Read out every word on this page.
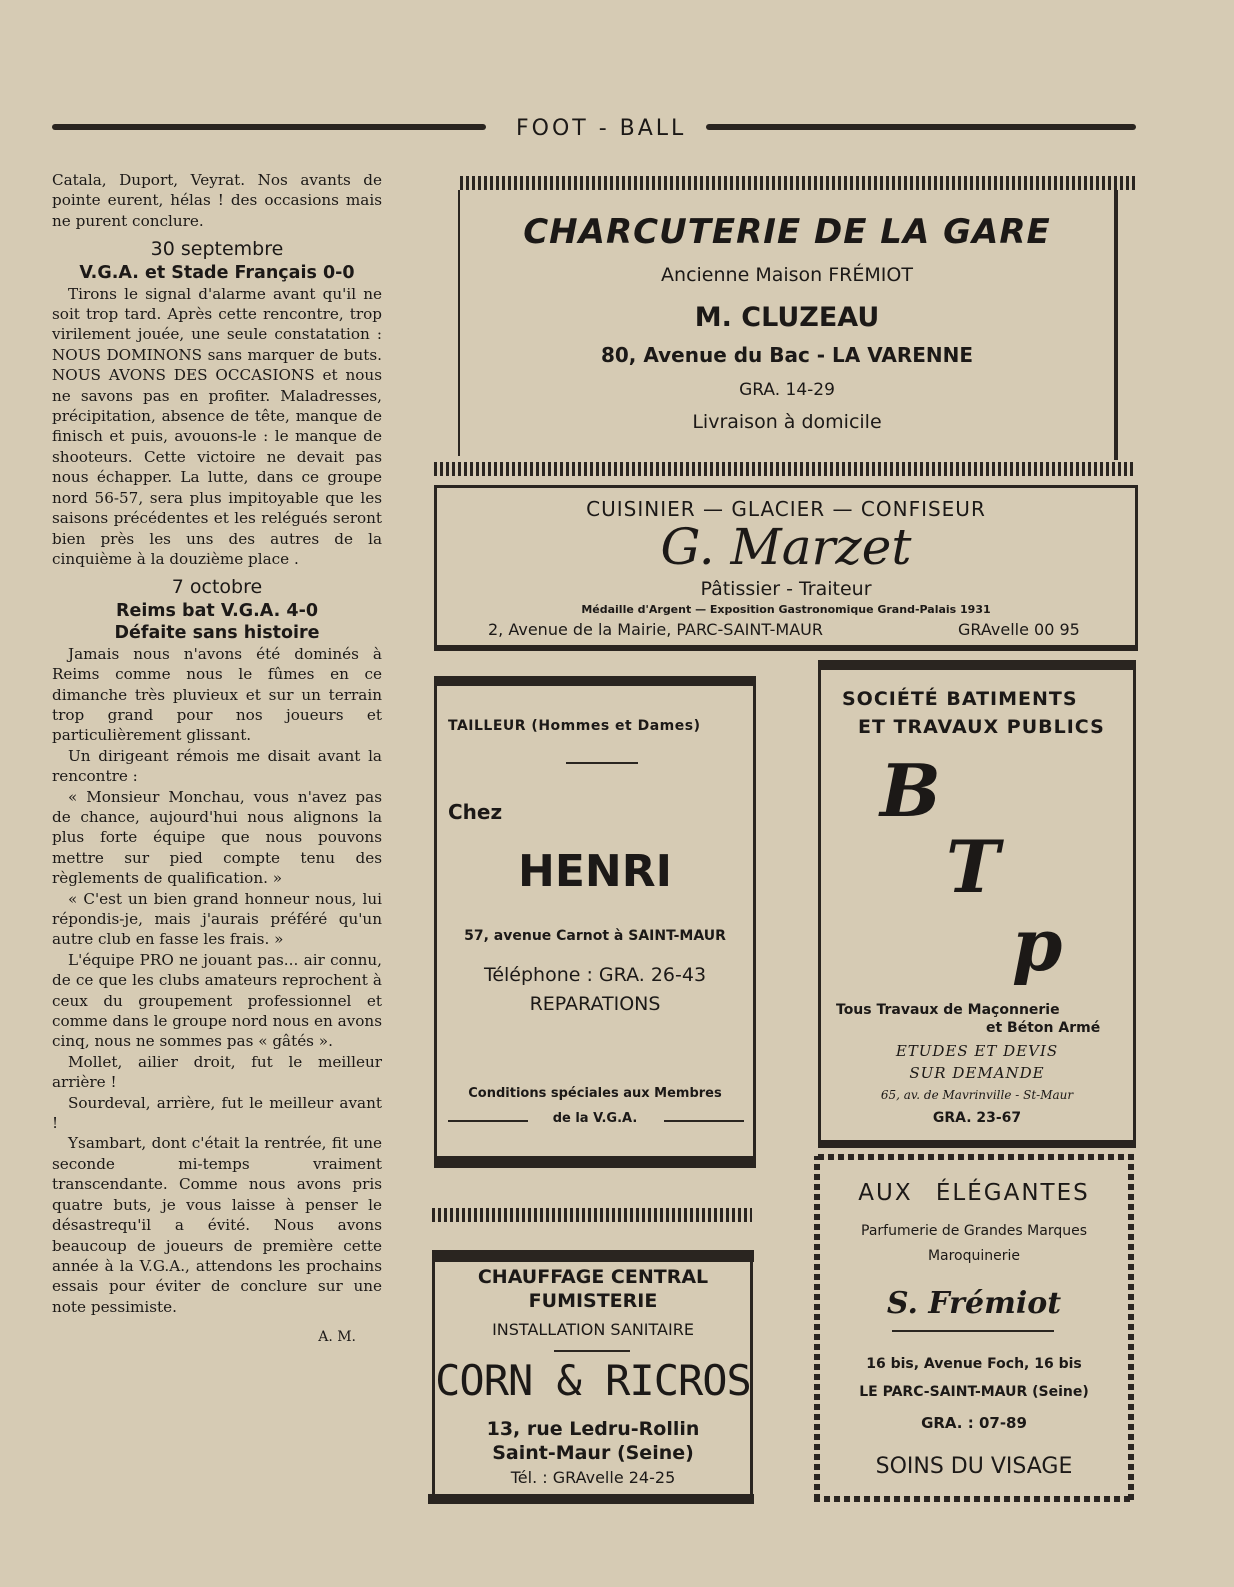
FOOT - BALL

Catala, Duport, Veyrat. Nos avants de pointe eurent, hélas ! des occasions mais ne purent conclure.

30 septembre
V.G.A. et Stade Français 0-0

Tirons le signal d'alarme avant qu'il ne soit trop tard. Après cette rencontre, trop virilement jouée, une seule constatation : NOUS DOMINONS sans marquer de buts. NOUS AVONS DES OCCASIONS et nous ne savons pas en profiter. Maladresses, précipitation, absence de tête, manque de finisch et puis, avouons-le : le manque de shooteurs. Cette victoire ne devait pas nous échapper. La lutte, dans ce groupe nord 56-57, sera plus impitoyable que les saisons précédentes et les relégués seront bien près les uns des autres de la cinquième à la douzième place .

7 octobre
Reims bat V.G.A. 4-0
Défaite sans histoire

Jamais nous n'avons été dominés à Reims comme nous le fûmes en ce dimanche très pluvieux et sur un terrain trop grand pour nos joueurs et particulièrement glissant.

Un dirigeant rémois me disait avant la rencontre :

« Monsieur Monchau, vous n'avez pas de chance, aujourd'hui nous alignons la plus forte équipe que nous pouvons mettre sur pied compte tenu des règlements de qualification. »

« C'est un bien grand honneur nous, lui répondis-je, mais j'aurais préféré qu'un autre club en fasse les frais. »

L'équipe PRO ne jouant pas... air connu, de ce que les clubs amateurs reprochent à ceux du groupement professionnel et comme dans le groupe nord nous en avons cinq, nous ne sommes pas « gâtés ».

Mollet, ailier droit, fut le meilleur arrière !

Sourdeval, arrière, fut le meilleur avant !

Ysambart, dont c'était la rentrée, fit une seconde mi-temps vraiment transcendante. Comme nous avons pris quatre buts, je vous laisse à penser le désastrequ'il a évité. Nous avons beaucoup de joueurs de première cette année à la V.G.A., attendons les prochains essais pour éviter de conclure sur une note pessimiste.

A. M.
CHARCUTERIE DE LA GARE
Ancienne Maison FRÉMIOT
M. CLUZEAU
80, Avenue du Bac - LA VARENNE
GRA. 14-29
Livraison à domicile
CUISINIER — GLACIER — CONFISEUR
G. Marzet
Pâtissier - Traiteur
Médaille d'Argent — Exposition Gastronomique Grand-Palais 1931
2, Avenue de la Mairie, PARC-SAINT-MAUR	GRAvelle 00 95
TAILLEUR (Hommes et Dames)
Chez
HENRI
57, avenue Carnot à SAINT-MAUR
Téléphone : GRA. 26-43
REPARATIONS
Conditions spéciales aux Membres
de la V.G.A.
SOCIÉTÉ BATIMENTS
ET TRAVAUX PUBLICS
B
T
p
Tous Travaux de Maçonnerie
et Béton Armé
ETUDES ET DEVIS
SUR DEMANDE
65, av. de Mavrinville - St-Maur
GRA. 23-67
CHAUFFAGE CENTRAL
FUMISTERIE
INSTALLATION SANITAIRE
CORN & RICROS
13, rue Ledru-Rollin
Saint-Maur (Seine)
Tél. : GRAvelle 24-25
AUX ÉLÉGANTES
Parfumerie de Grandes Marques
Maroquinerie
S. Frémiot
16 bis, Avenue Foch, 16 bis
LE PARC-SAINT-MAUR (Seine)
GRA. : 07-89
SOINS DU VISAGE
